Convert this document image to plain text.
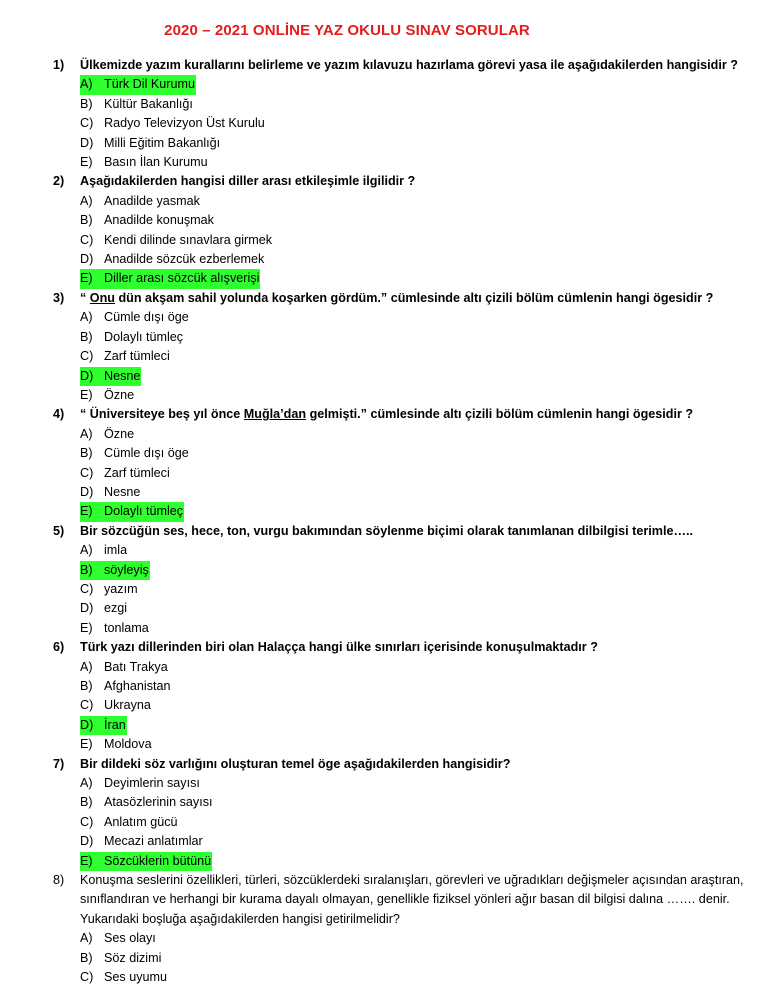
2020 – 2021 ONLİNE YAZ OKULU SINAV SORULAR
1) Ülkemizde yazım kurallarını belirleme ve yazım kılavuzu hazırlama görevi yasa ile aşağıdakilerden hangisidir ?
A) Türk Dil Kurumu
B) Kültür Bakanlığı
C) Radyo Televizyon Üst Kurulu
D) Milli Eğitim Bakanlığı
E) Basın İlan Kurumu
2) Aşağıdakilerden hangisi diller arası etkileşimle ilgilidir ?
A) Anadilde yasmak
B) Anadilde konuşmak
C) Kendi dilinde sınavlara girmek
D) Anadilde sözcük ezberlemek
E) Diller arası sözcük alışverişi
3) “ Onu dün akşam sahil yolunda koşarken gördüm.” cümlesinde altı çizili bölüm cümlenin hangi ögesidir ?
A) Cümle dışı öge
B) Dolaylı tümleç
C) Zarf tümleci
D) Nesne
E) Özne
4) “ Üniversiteye beş yıl önce Muğla’dan gelmişti.” cümlesinde altı çizili bölüm cümlenin hangi ögesidir ?
A) Özne
B) Cümle dışı öge
C) Zarf tümleci
D) Nesne
E) Dolaylı tümleç
5) Bir sözcüğün ses, hece, ton, vurgu bakımından söylenme biçimi olarak tanımlanan dilbilgisi terimle…..
A) imla
B) söyleyiş
C) yazım
D) ezgi
E) tonlama
6) Türk yazı dillerinden biri olan Halaçça hangi ülke sınırları içerisinde konuşulmaktadır ?
A) Batı Trakya
B) Afghanistan
C) Ukrayna
D) İran
E) Moldova
7) Bir dildeki söz varlığını oluşturan temel öge aşağıdakilerden hangisidir?
A) Deyimlerin sayısı
B) Atasözlerinin sayısı
C) Anlatım gücü
D) Mecazi anlatımlar
E) Sözcüklerin bütünü
8) Konuşma seslerini özellikleri, türleri, sözcüklerdeki sıralanışları, görevleri ve uğradıkları değişmeler açısından araştıran, sınıflandıran ve herhangi bir kurama dayalı olmayan, genellikle fiziksel yönleri ağır basan dil bilgisi dalına ……. denir.
Yukarıdaki boşluğa aşağıdakilerden hangisi getirilmelidir?
A) Ses olayı
B) Söz dizimi
C) Ses uyumu
